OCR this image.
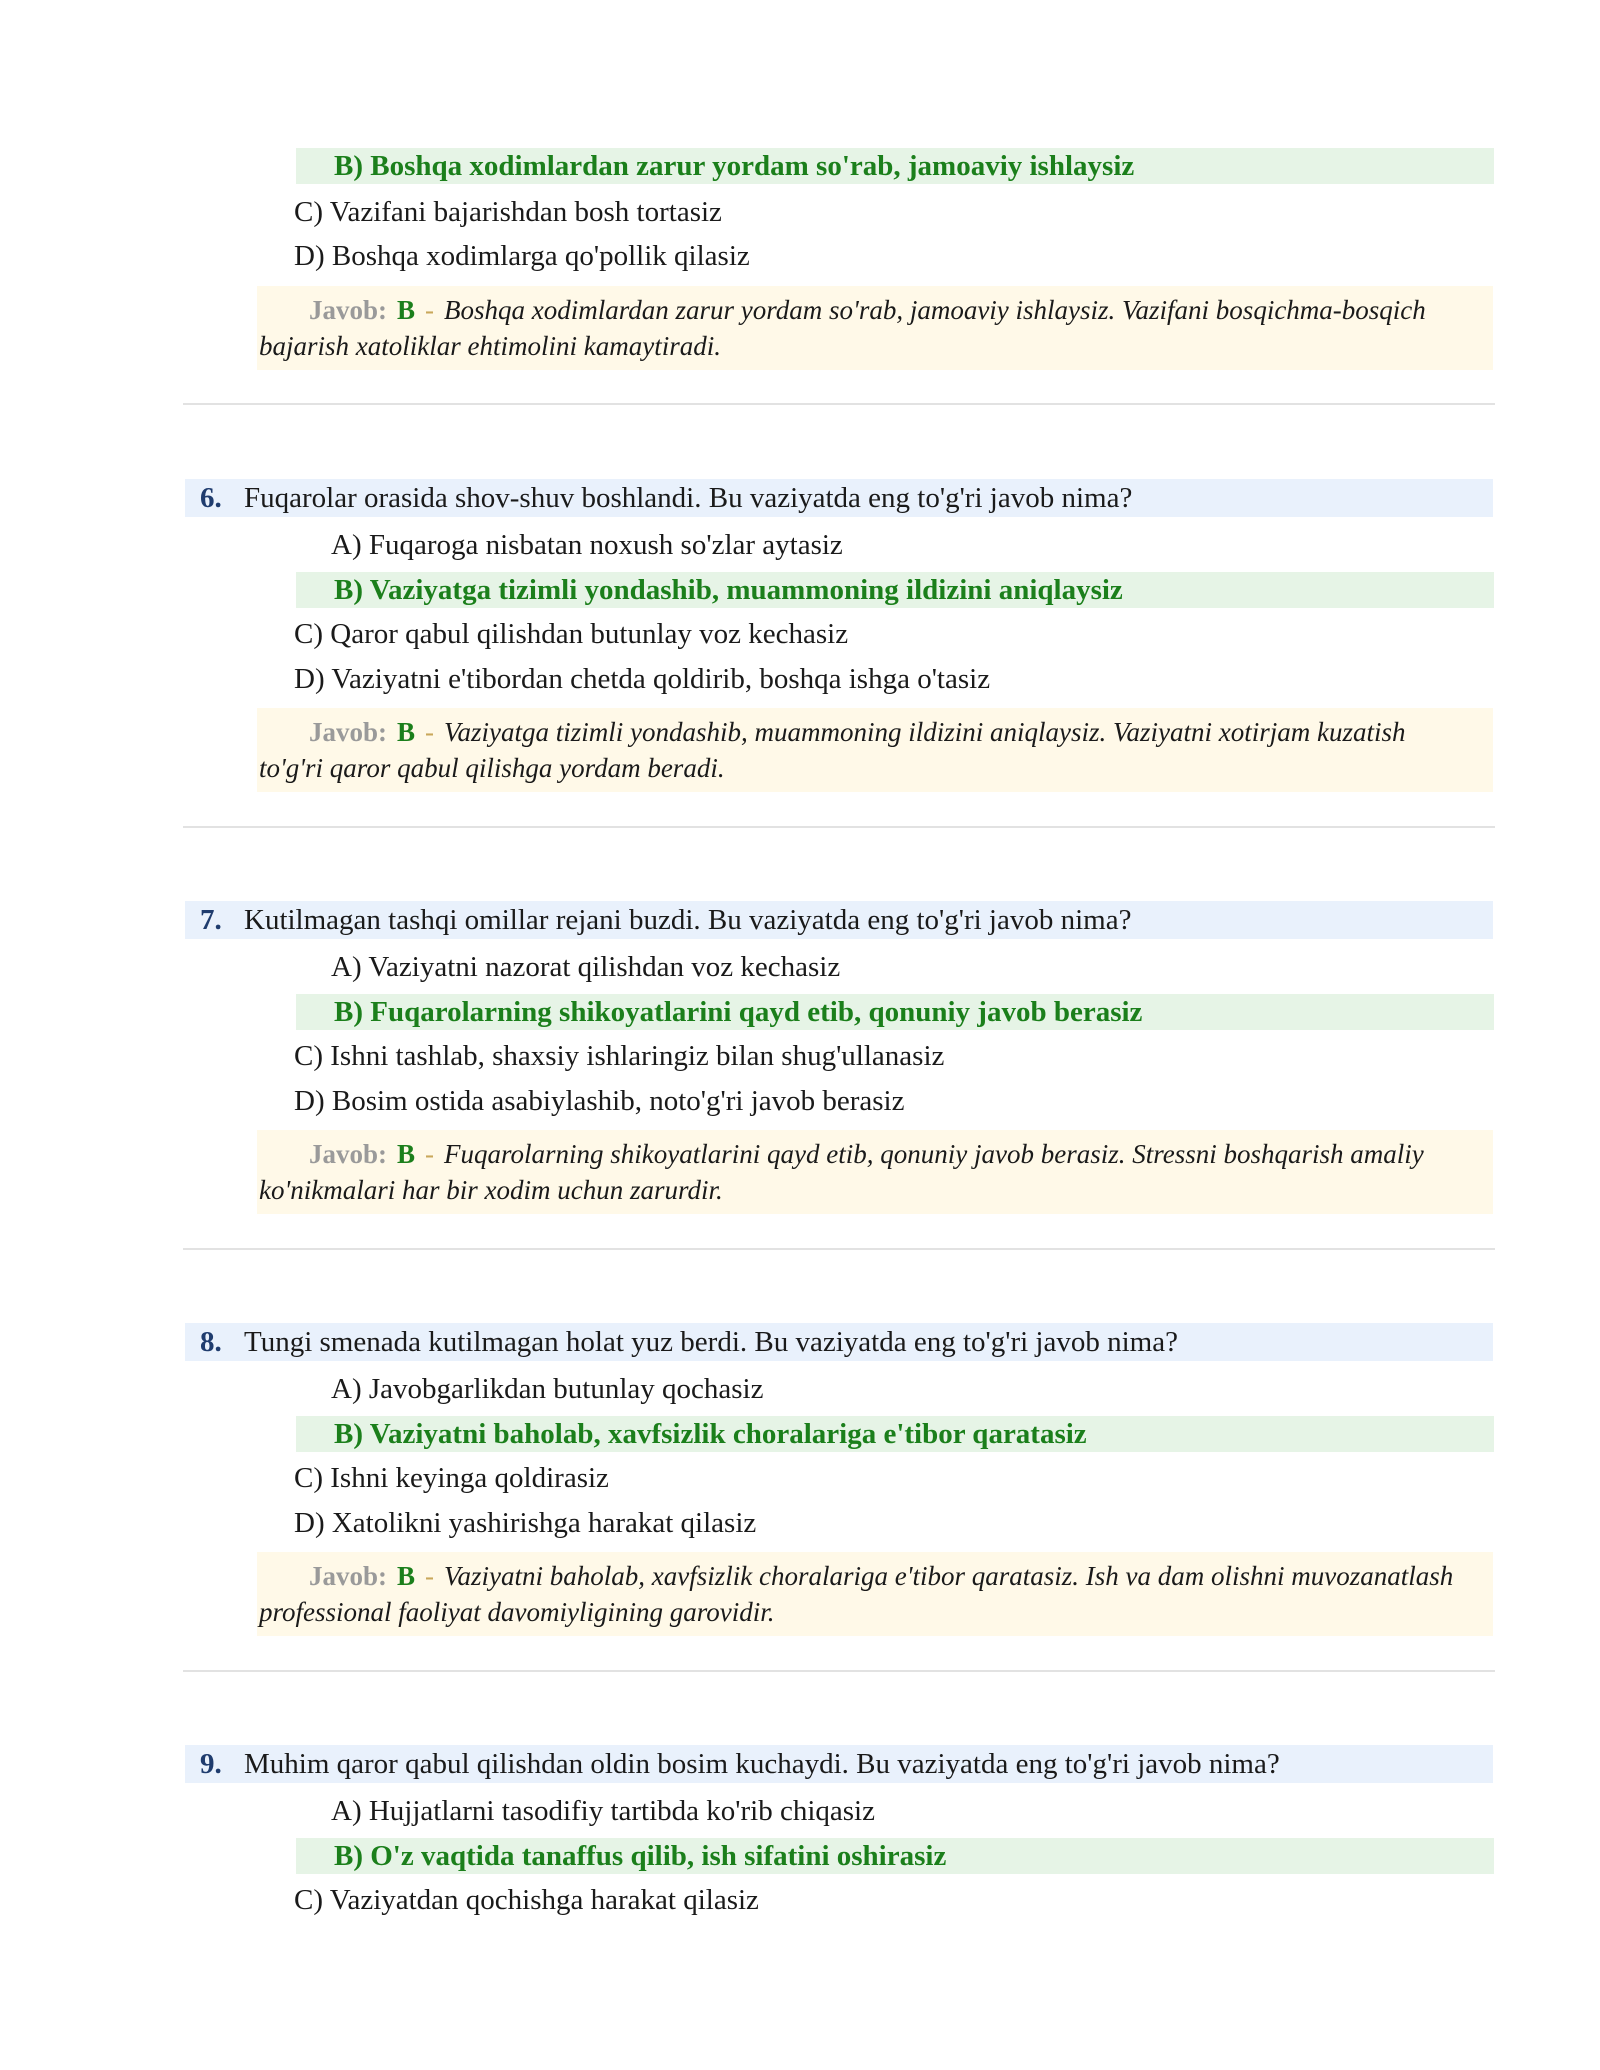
B) Boshqa xodimlardan zarur yordam so'rab, jamoaviy ishlaysiz
C) Vazifani bajarishdan bosh tortasiz
D) Boshqa xodimlarga qo'pollik qilasiz
Javob: B - Boshqa xodimlardan zarur yordam so'rab, jamoaviy ishlaysiz. Vazifani bosqichma-bosqich bajarish xatoliklar ehtimolini kamaytiradi.
6. Fuqarolar orasida shov-shuv boshlandi. Bu vaziyatda eng to'g'ri javob nima?
A) Fuqaroga nisbatan noxush so'zlar aytasiz
B) Vaziyatga tizimli yondashib, muammoning ildizini aniqlaysiz
C) Qaror qabul qilishdan butunlay voz kechasiz
D) Vaziyatni e'tibordan chetda qoldirib, boshqa ishga o'tasiz
Javob: B - Vaziyatga tizimli yondashib, muammoning ildizini aniqlaysiz. Vaziyatni xotirjam kuzatish to'g'ri qaror qabul qilishga yordam beradi.
7. Kutilmagan tashqi omillar rejani buzdi. Bu vaziyatda eng to'g'ri javob nima?
A) Vaziyatni nazorat qilishdan voz kechasiz
B) Fuqarolarning shikoyatlarini qayd etib, qonuniy javob berasiz
C) Ishni tashlab, shaxsiy ishlaringiz bilan shug'ullanasiz
D) Bosim ostida asabiylashib, noto'g'ri javob berasiz
Javob: B - Fuqarolarning shikoyatlarini qayd etib, qonuniy javob berasiz. Stressni boshqarish amaliy ko'nikmalari har bir xodim uchun zarurdir.
8. Tungi smenada kutilmagan holat yuz berdi. Bu vaziyatda eng to'g'ri javob nima?
A) Javobgarlikdan butunlay qochasiz
B) Vaziyatni baholab, xavfsizlik choralariga e'tibor qaratasiz
C) Ishni keyinga qoldirasiz
D) Xatolikni yashirishga harakat qilasiz
Javob: B - Vaziyatni baholab, xavfsizlik choralariga e'tibor qaratasiz. Ish va dam olishni muvozanatlash professional faoliyat davomiyligining garovidir.
9. Muhim qaror qabul qilishdan oldin bosim kuchaydi. Bu vaziyatda eng to'g'ri javob nima?
A) Hujjatlarni tasodifiy tartibda ko'rib chiqasiz
B) O'z vaqtida tanaffus qilib, ish sifatini oshirasiz
C) Vaziyatdan qochishga harakat qilasiz
